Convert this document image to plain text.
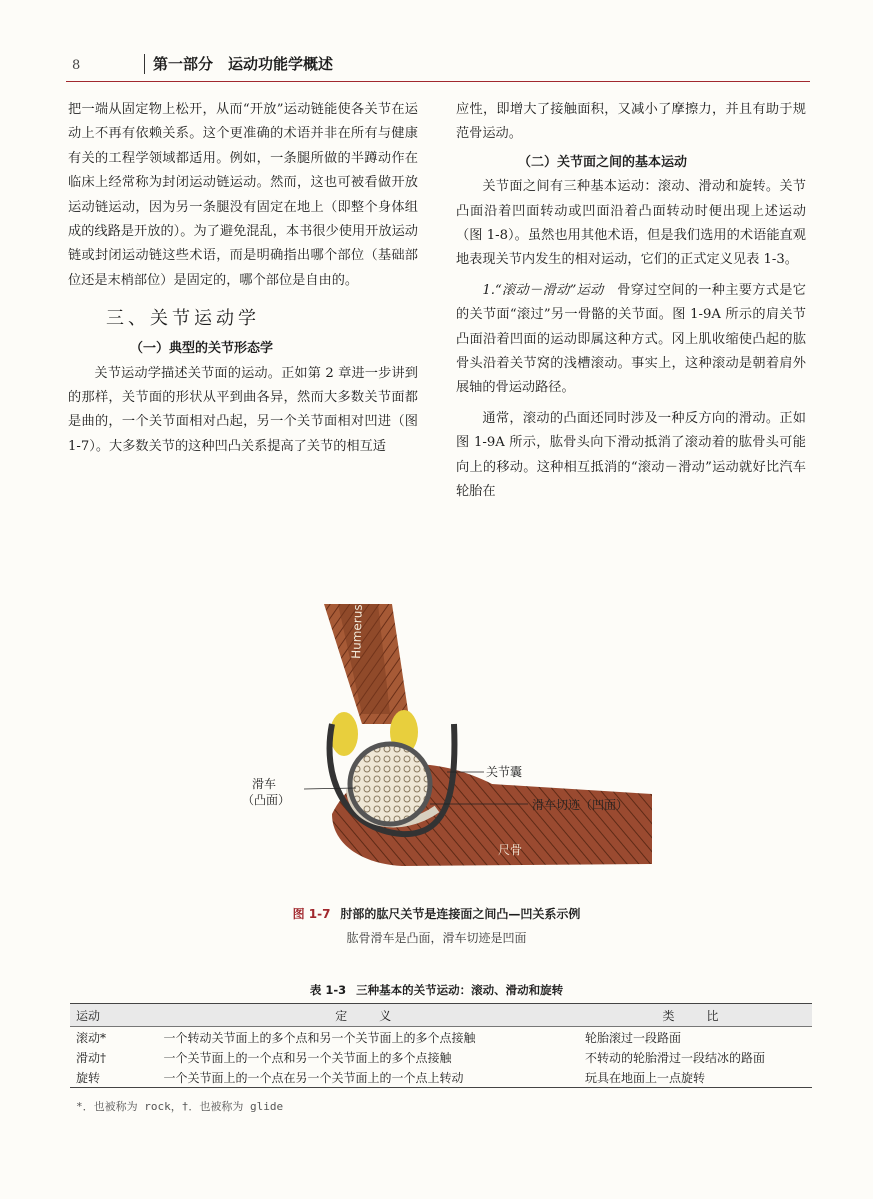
8	第一部分　运动功能学概述

把一端从固定物上松开，从而“开放”运动链能使各关节在运动上不再有依赖关系。这个更准确的术语并非在所有与健康有关的工程学领域都适用。例如，一条腿所做的半蹲动作在临床上经常称为封闭运动链运动。然而，这也可被看做开放运动链运动，因为另一条腿没有固定在地上（即整个身体组成的线路是开放的）。为了避免混乱，本书很少使用开放运动链或封闭运动链这些术语，而是明确指出哪个部位（基础部位还是末梢部位）是固定的，哪个部位是自由的。

三、关节运动学

（一）典型的关节形态学

关节运动学描述关节面的运动。正如第 2 章进一步讲到的那样，关节面的形状从平到曲各异，然而大多数关节面都是曲的，一个关节面相对凸起，另一个关节面相对凹进（图 1-7）。大多数关节的这种凹凸关系提高了关节的相互适

应性，即增大了接触面积，又减小了摩擦力，并且有助于规范骨运动。

（二）关节面之间的基本运动

关节面之间有三种基本运动：滚动、滑动和旋转。关节凸面沿着凹面转动或凹面沿着凸面转动时便出现上述运动（图 1-8）。虽然也用其他术语，但是我们选用的术语能直观地表现关节内发生的相对运动，它们的正式定义见表 1-3。

1.“滚动－滑动”运动　 骨穿过空间的一种主要方式是它的关节面“滚过”另一骨骼的关节面。图 1-9A 所示的肩关节凸面沿着凹面的运动即属这种方式。冈上肌收缩使凸起的肱骨头沿着关节窝的浅槽滚动。事实上，这种滚动是朝着肩外展轴的骨运动路径。

通常，滚动的凸面还同时涉及一种反方向的滑动。正如图 1-9A 所示，肱骨头向下滑动抵消了滚动着的肱骨头可能向上的移动。这种相互抵消的“滚动－滑动”运动就好比汽车轮胎在

Humerus
滑车
（凸面）
关节囊
滑车切迹（凹面）
尺骨
图 1-7 肘部的肱尺关节是连接面之间凸—凹关系示例
肱骨滑车是凸面，滑车切迹是凹面
表 1-3 三种基本的关节运动：滚动、滑动和旋转
运动	定　义	类　比
滚动*	一个转动关节面上的多个点和另一个关节面上的多个点接触	轮胎滚过一段路面
滑动†	一个关节面上的一个点和另一个关节面上的多个点接触	不转动的轮胎滑过一段结冰的路面
旋转	一个关节面上的一个点在另一个关节面上的一个点上转动	玩具在地面上一点旋转
*．也被称为 rock，†．也被称为 glide
